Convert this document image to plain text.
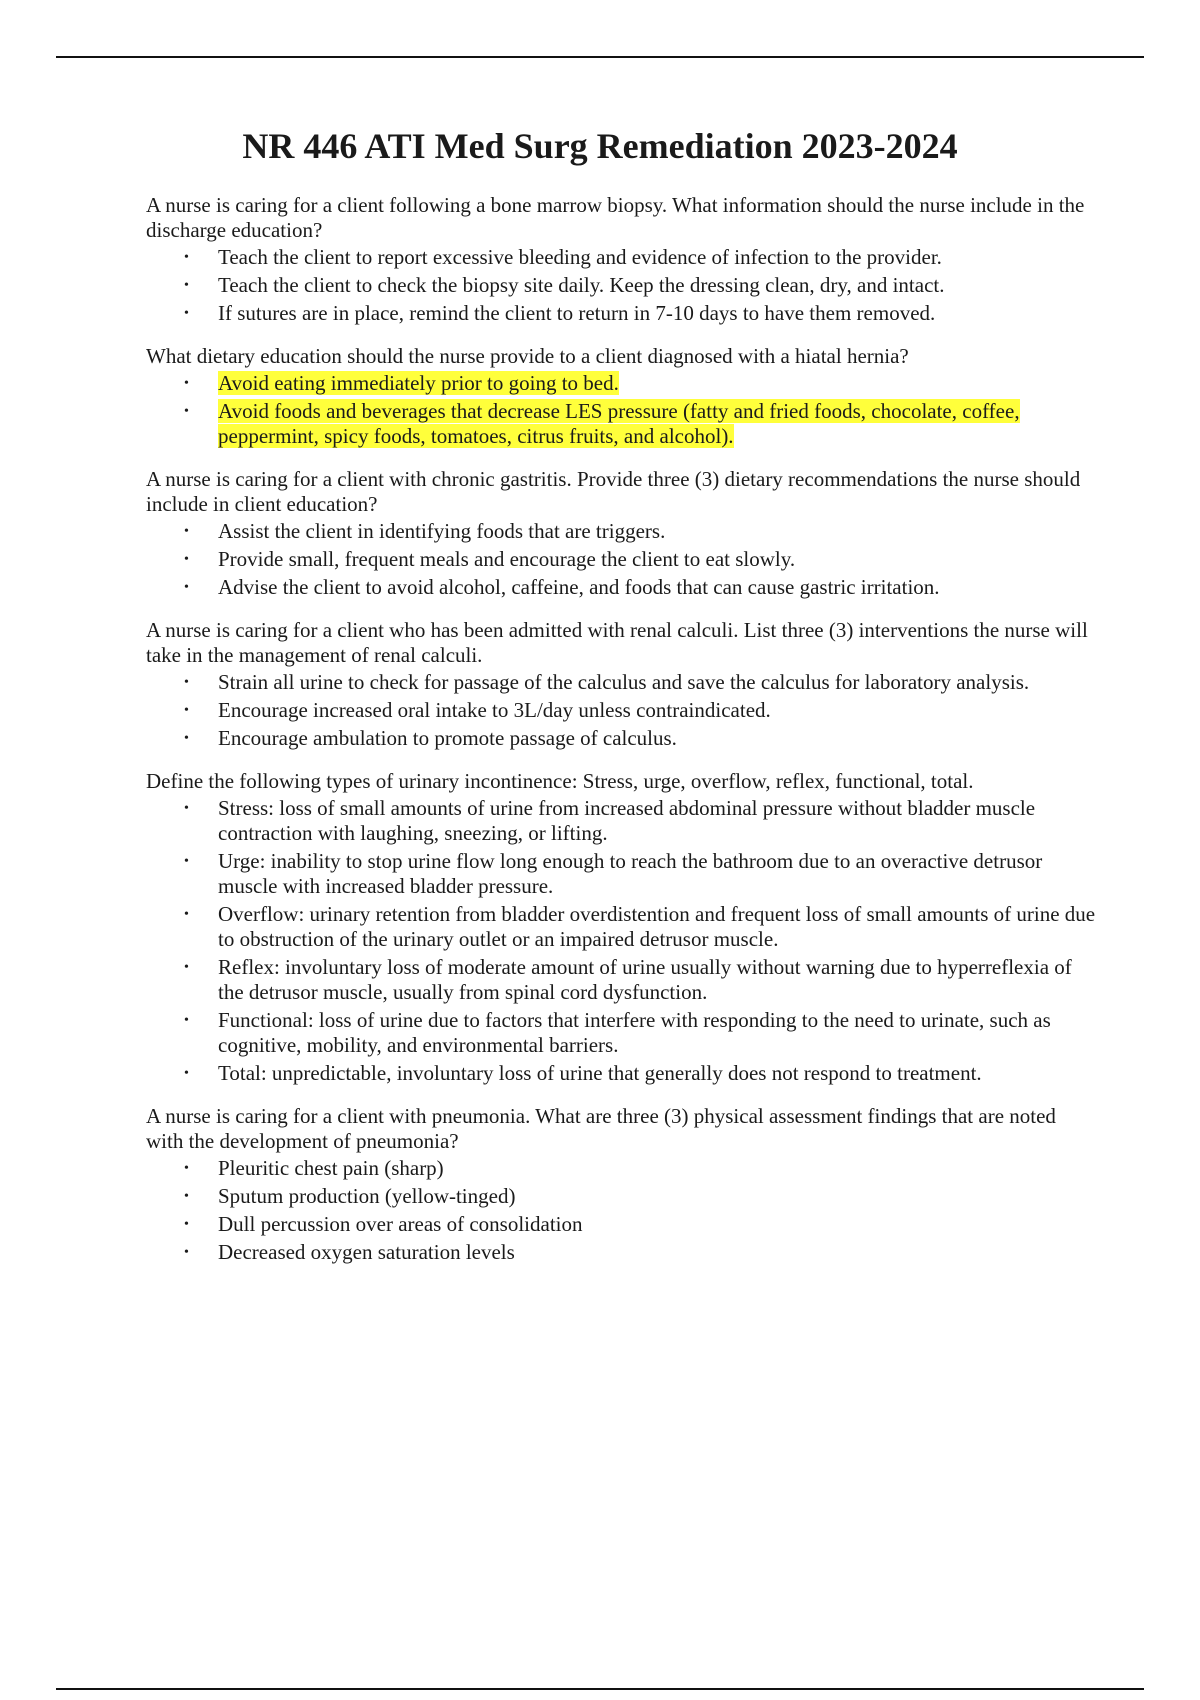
NR 446 ATI Med Surg Remediation 2023-2024

A nurse is caring for a client following a bone marrow biopsy. What information should the nurse include in the discharge education?

• Teach the client to report excessive bleeding and evidence of infection to the provider.
• Teach the client to check the biopsy site daily. Keep the dressing clean, dry, and intact.
• If sutures are in place, remind the client to return in 7-10 days to have them removed.

What dietary education should the nurse provide to a client diagnosed with a hiatal hernia?

• Avoid eating immediately prior to going to bed.
• Avoid foods and beverages that decrease LES pressure (fatty and fried foods, chocolate, coffee, peppermint, spicy foods, tomatoes, citrus fruits, and alcohol).

A nurse is caring for a client with chronic gastritis. Provide three (3) dietary recommendations the nurse should include in client education?

• Assist the client in identifying foods that are triggers.
• Provide small, frequent meals and encourage the client to eat slowly.
• Advise the client to avoid alcohol, caffeine, and foods that can cause gastric irritation.

A nurse is caring for a client who has been admitted with renal calculi. List three (3) interventions the nurse will take in the management of renal calculi.

• Strain all urine to check for passage of the calculus and save the calculus for laboratory analysis.
• Encourage increased oral intake to 3L/day unless contraindicated.
• Encourage ambulation to promote passage of calculus.

Define the following types of urinary incontinence: Stress, urge, overflow, reflex, functional, total.

• Stress: loss of small amounts of urine from increased abdominal pressure without bladder muscle contraction with laughing, sneezing, or lifting.
• Urge: inability to stop urine flow long enough to reach the bathroom due to an overactive detrusor muscle with increased bladder pressure.
• Overflow: urinary retention from bladder overdistention and frequent loss of small amounts of urine due to obstruction of the urinary outlet or an impaired detrusor muscle.
• Reflex: involuntary loss of moderate amount of urine usually without warning due to hyperreflexia of the detrusor muscle, usually from spinal cord dysfunction.
• Functional: loss of urine due to factors that interfere with responding to the need to urinate, such as cognitive, mobility, and environmental barriers.
• Total: unpredictable, involuntary loss of urine that generally does not respond to treatment.

A nurse is caring for a client with pneumonia. What are three (3) physical assessment findings that are noted with the development of pneumonia?

• Pleuritic chest pain (sharp)
• Sputum production (yellow-tinged)
• Dull percussion over areas of consolidation
• Decreased oxygen saturation levels
